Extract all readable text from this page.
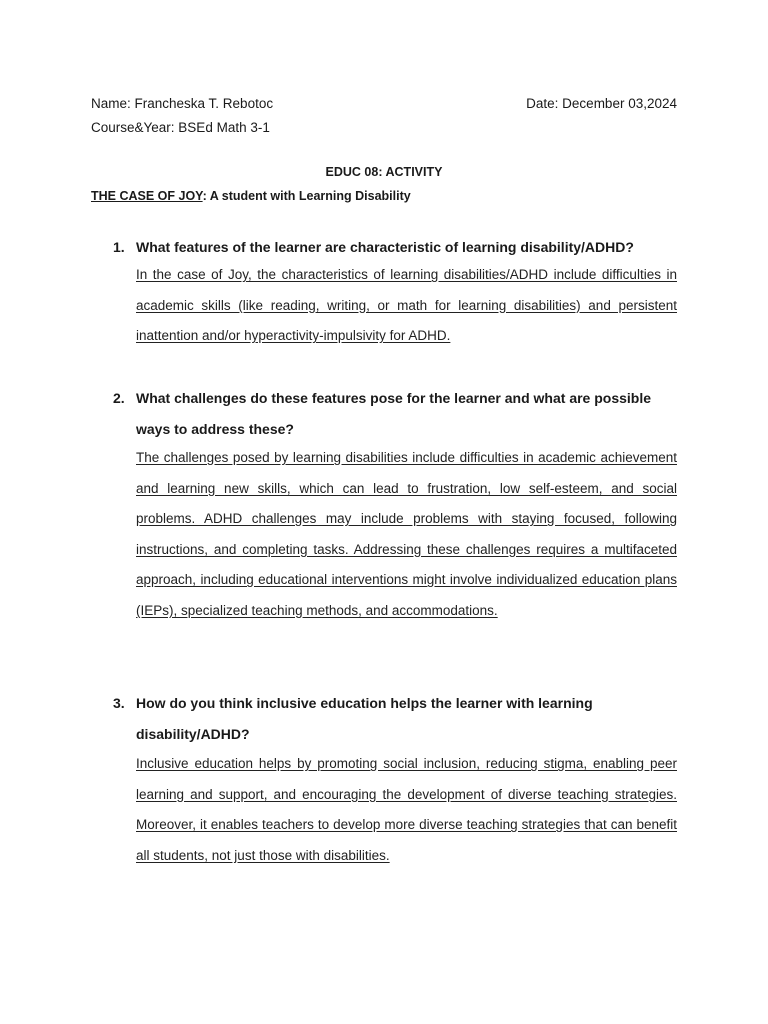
Name: Francheska T. Rebotoc	Date: December 03,2024
Course&Year: BSEd Math 3-1
EDUC 08: ACTIVITY
THE CASE OF JOY: A student with Learning Disability
1. What features of the learner are characteristic of learning disability/ADHD?
In the case of Joy, the characteristics of learning disabilities/ADHD include difficulties in academic skills (like reading, writing, or math for learning disabilities) and persistent inattention and/or hyperactivity-impulsivity for ADHD.
2. What challenges do these features pose for the learner and what are possible ways to address these?
The challenges posed by learning disabilities include difficulties in academic achievement and learning new skills, which can lead to frustration, low self-esteem, and social problems. ADHD challenges may include problems with staying focused, following instructions, and completing tasks. Addressing these challenges requires a multifaceted approach, including educational interventions might involve individualized education plans (IEPs), specialized teaching methods, and accommodations.
3. How do you think inclusive education helps the learner with learning disability/ADHD?
Inclusive education helps by promoting social inclusion, reducing stigma, enabling peer learning and support, and encouraging the development of diverse teaching strategies. Moreover, it enables teachers to develop more diverse teaching strategies that can benefit all students, not just those with disabilities.
